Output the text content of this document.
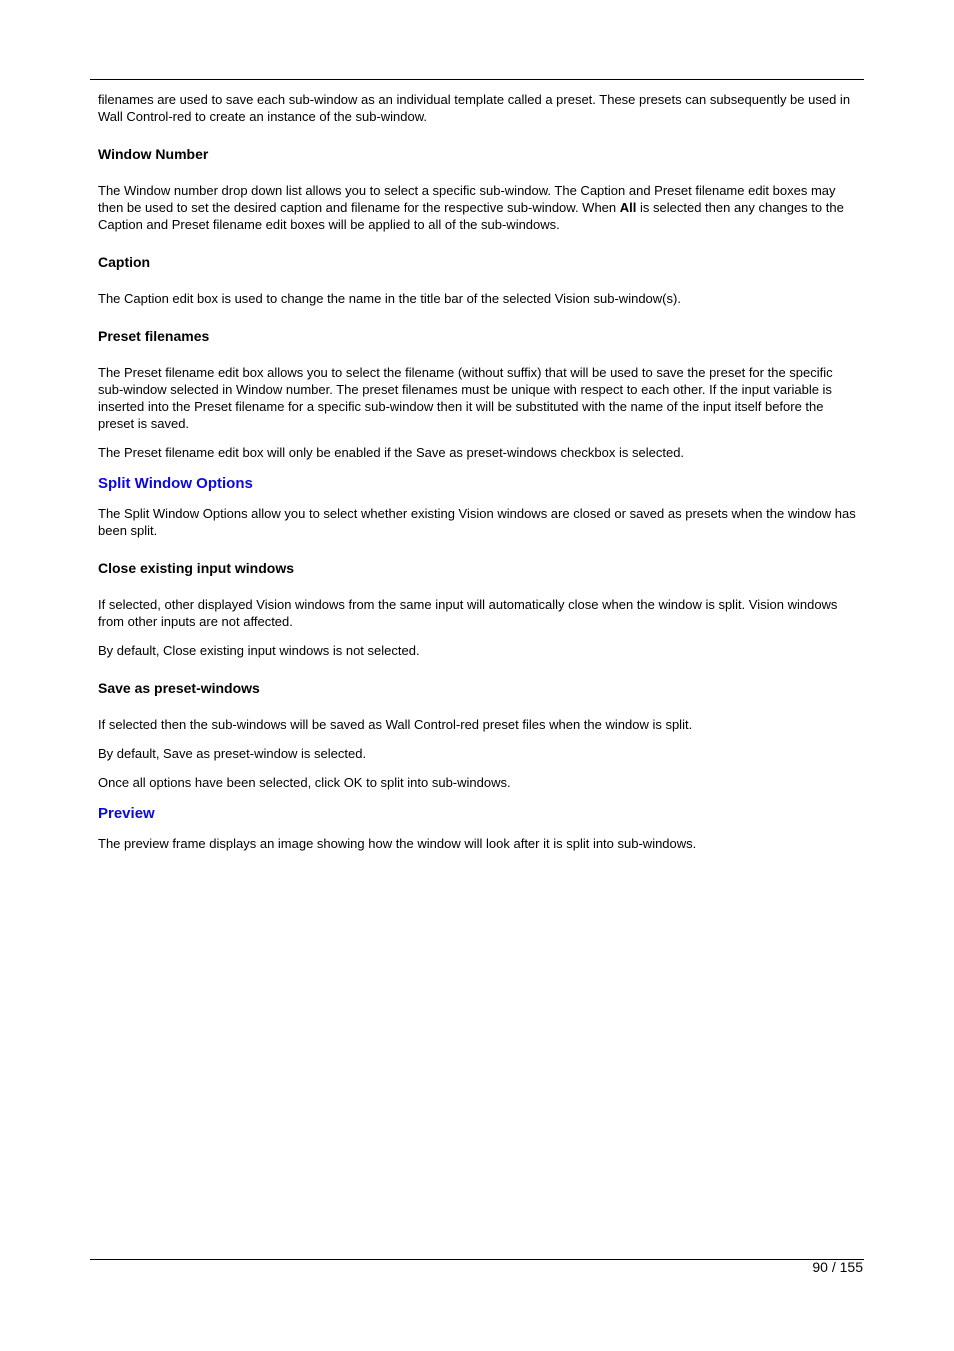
filenames are used to save each sub-window as an individual template called a preset. These presets can subsequently be used in Wall Control-red to create an instance of the sub-window.

Window Number

The Window number drop down list allows you to select a specific sub-window. The Caption and Preset filename edit boxes may then be used to set the desired caption and filename for the respective sub-window. When All is selected then any changes to the Caption and Preset filename edit boxes will be applied to all of the sub-windows.

Caption

The Caption edit box is used to change the name in the title bar of the selected Vision sub-window(s).

Preset filenames

The Preset filename edit box allows you to select the filename (without suffix) that will be used to save the preset for the specific sub-window selected in Window number. The preset filenames must be unique with respect to each other. If the input variable is inserted into the Preset filename for a specific sub-window then it will be substituted with the name of the input itself before the preset is saved.

The Preset filename edit box will only be enabled if the Save as preset-windows checkbox is selected.

Split Window Options

The Split Window Options allow you to select whether existing Vision windows are closed or saved as presets when the window has been split.

Close existing input windows

If selected, other displayed Vision windows from the same input will automatically close when the window is split. Vision windows from other inputs are not affected.

By default, Close existing input windows is not selected.

Save as preset-windows

If selected then the sub-windows will be saved as Wall Control-red preset files when the window is split.

By default, Save as preset-window is selected.

Once all options have been selected, click OK to split into sub-windows.

Preview

The preview frame displays an image showing how the window will look after it is split into sub-windows.

90 / 155
